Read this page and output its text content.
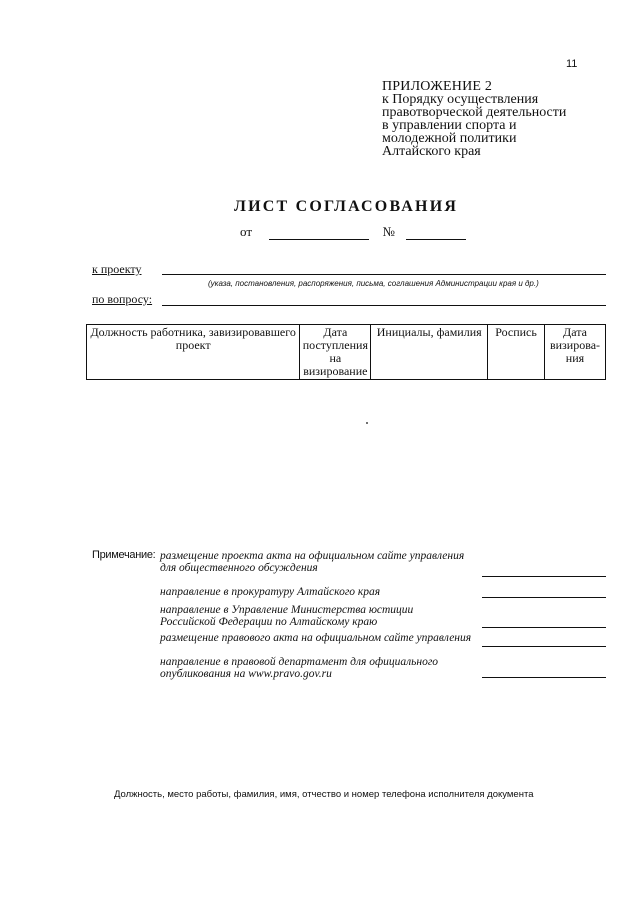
11
ПРИЛОЖЕНИЕ 2
к Порядку осуществления
правотворческой деятельности
в управлении спорта и
молодежной политики
Алтайского края
ЛИСТ СОГЛАСОВАНИЯ
от	№
к проекту
(указа, постановления, распоряжения, письма, соглашения Администрации края и др.)
по вопросу:
Должность работника, завизировавшего проект	Дата поступления на визирование	Инициалы, фамилия	Роспись	Дата визирова-ния
Примечание: размещение проекта акта на официальном сайте управления
для общественного обсуждения
направление в прокуратуру Алтайского края
направление в Управление Министерства юстиции
Российской Федерации по Алтайскому краю
размещение правового акта на официальном сайте управления
направление в правовой департамент для официального
опубликования на www.pravo.gov.ru
Должность, место работы, фамилия, имя, отчество и номер телефона исполнителя документа
